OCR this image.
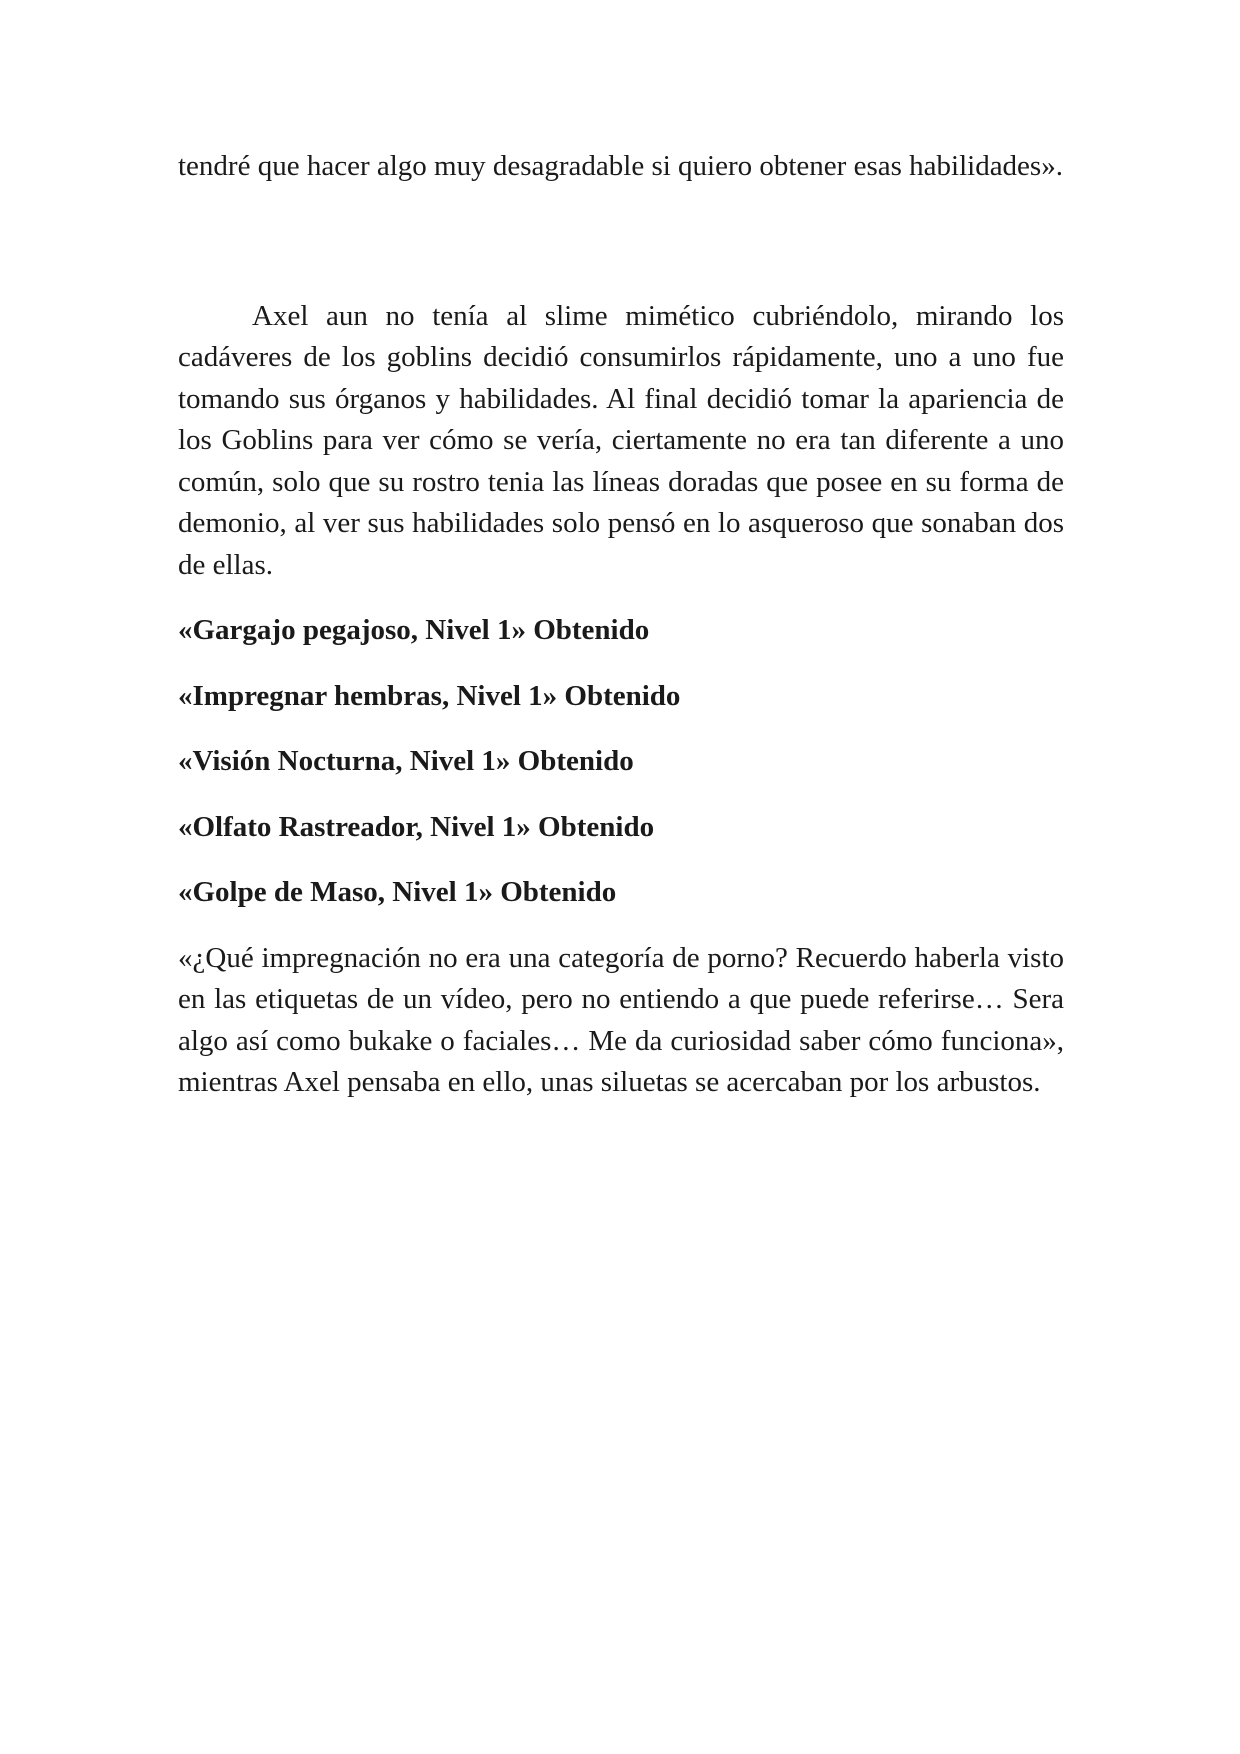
tendré que hacer algo muy desagradable si quiero obtener esas habilidades».

Axel aun no tenía al slime mimético cubriéndolo, mirando los cadáveres de los goblins decidió consumirlos rápidamente, uno a uno fue tomando sus órganos y habilidades. Al final decidió tomar la apariencia de los Goblins para ver cómo se vería, ciertamente no era tan diferente a uno común, solo que su rostro tenia las líneas doradas que posee en su forma de demonio, al ver sus habilidades solo pensó en lo asqueroso que sonaban dos de ellas.

«Gargajo pegajoso, Nivel 1» Obtenido

«Impregnar hembras, Nivel 1» Obtenido

«Visión Nocturna, Nivel 1» Obtenido

«Olfato Rastreador, Nivel 1» Obtenido

«Golpe de Maso, Nivel 1» Obtenido

«¿Qué impregnación no era una categoría de porno? Recuerdo haberla visto en las etiquetas de un vídeo, pero no entiendo a que puede referirse… Sera algo así como bukake o faciales… Me da curiosidad saber cómo funciona», mientras Axel pensaba en ello, unas siluetas se acercaban por los arbustos.
